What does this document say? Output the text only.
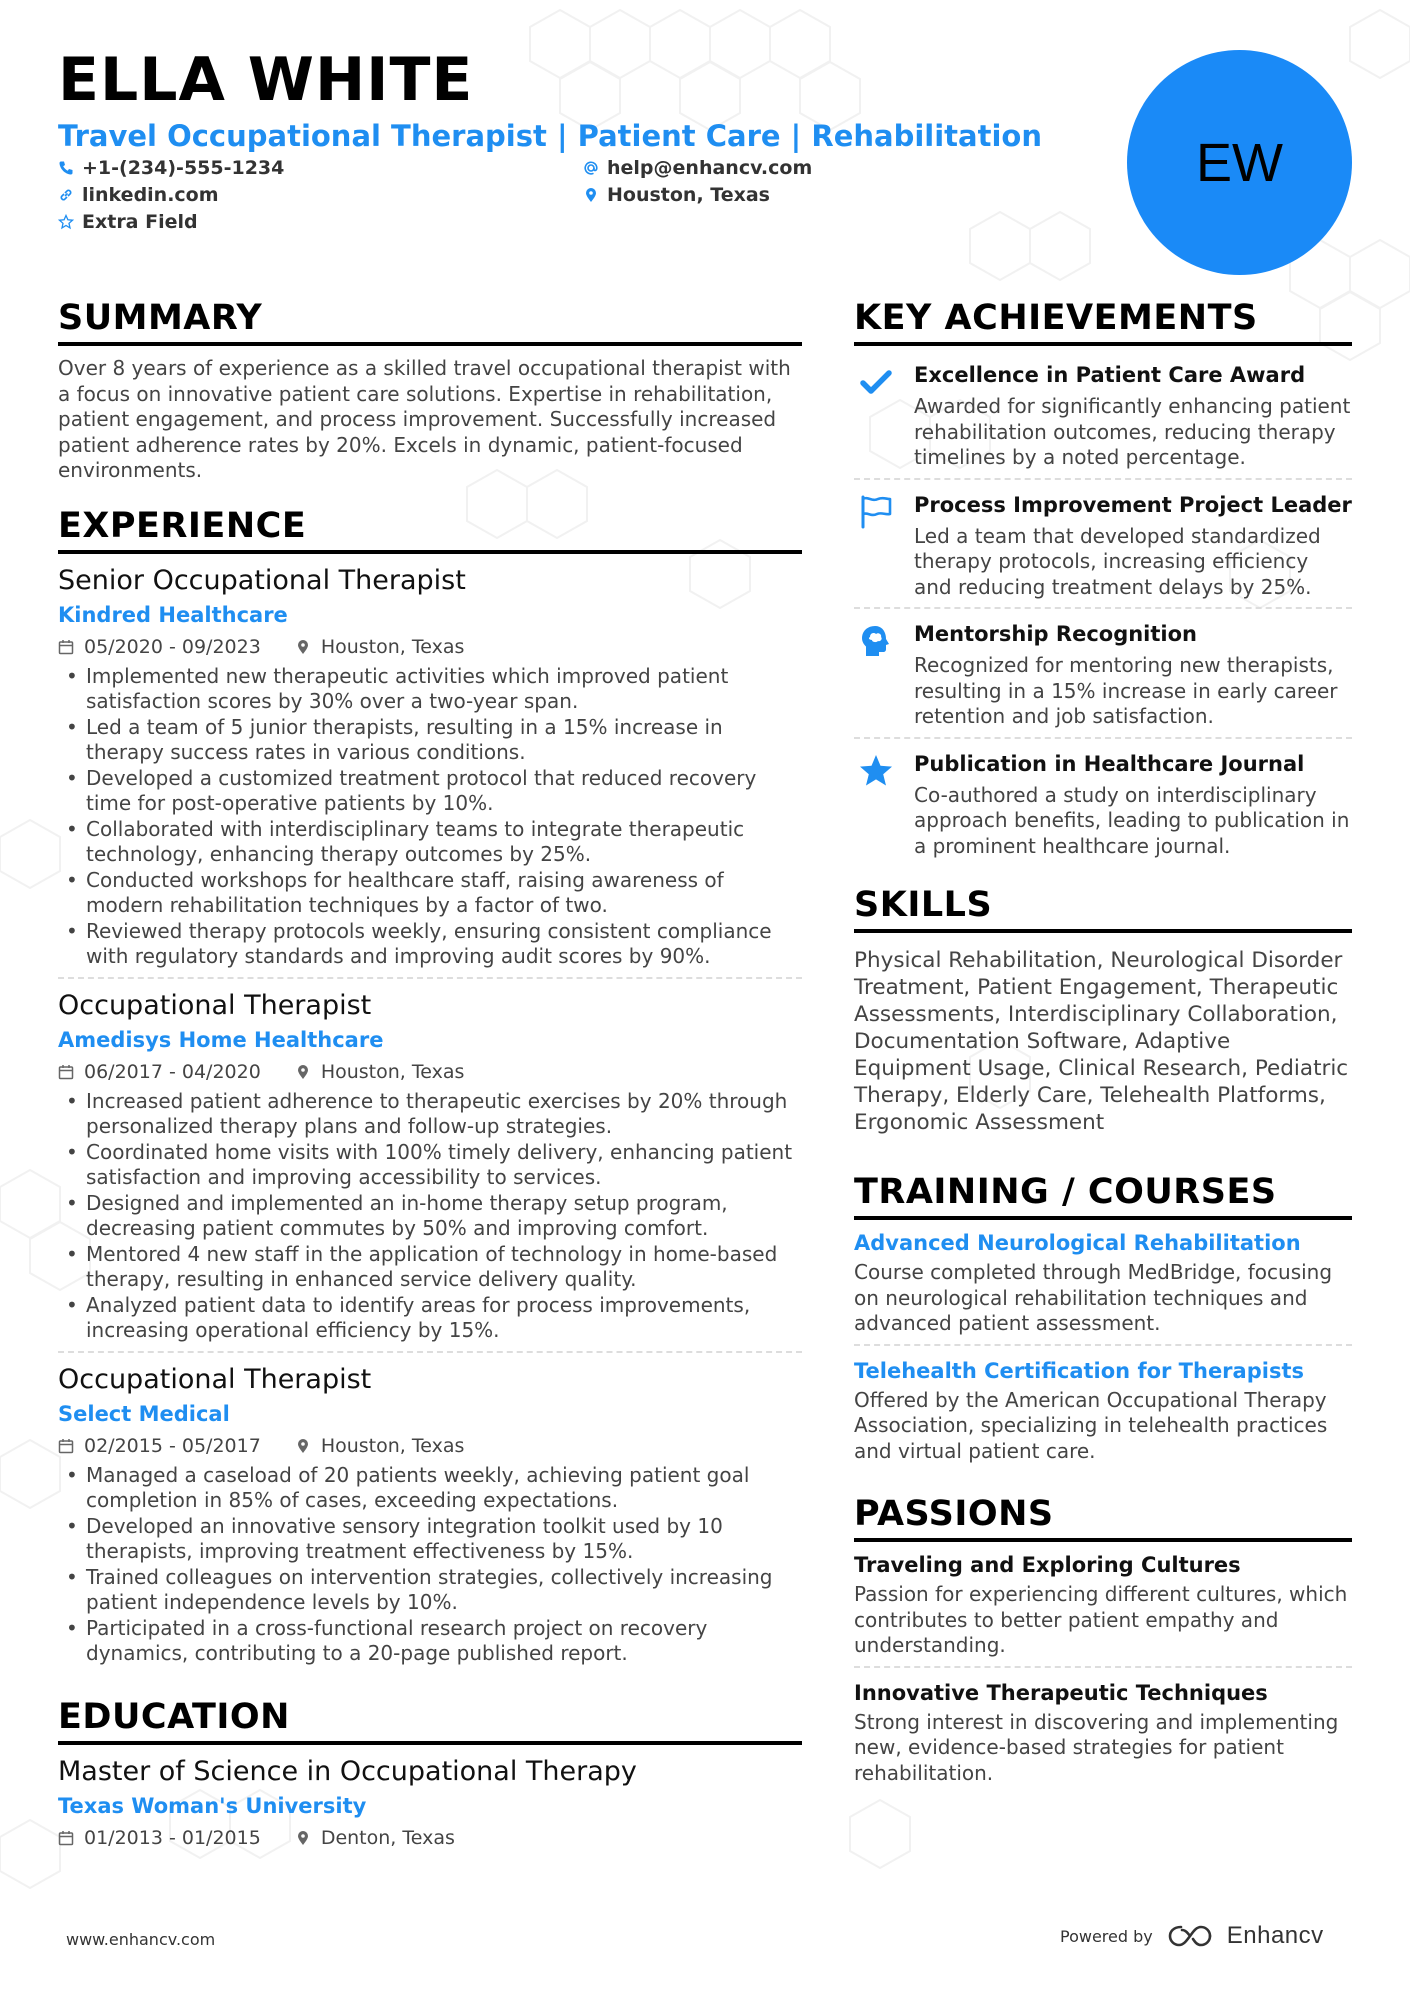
ELLA WHITE
Travel Occupational Therapist | Patient Care | Rehabilitation
+1-(234)-555-1234	help@enhancv.com
linkedin.com	Houston, Texas
Extra Field
EW
SUMMARY
Over 8 years of experience as a skilled travel occupational therapist with a focus on innovative patient care solutions. Expertise in rehabilitation, patient engagement, and process improvement. Successfully increased patient adherence rates by 20%. Excels in dynamic, patient-focused environments.
EXPERIENCE
Senior Occupational Therapist
Kindred Healthcare
05/2020 - 09/2023	Houston, Texas
• Implemented new therapeutic activities which improved patient satisfaction scores by 30% over a two-year span.
• Led a team of 5 junior therapists, resulting in a 15% increase in therapy success rates in various conditions.
• Developed a customized treatment protocol that reduced recovery time for post-operative patients by 10%.
• Collaborated with interdisciplinary teams to integrate therapeutic technology, enhancing therapy outcomes by 25%.
• Conducted workshops for healthcare staff, raising awareness of modern rehabilitation techniques by a factor of two.
• Reviewed therapy protocols weekly, ensuring consistent compliance with regulatory standards and improving audit scores by 90%.
Occupational Therapist
Amedisys Home Healthcare
06/2017 - 04/2020	Houston, Texas
• Increased patient adherence to therapeutic exercises by 20% through personalized therapy plans and follow-up strategies.
• Coordinated home visits with 100% timely delivery, enhancing patient satisfaction and improving accessibility to services.
• Designed and implemented an in-home therapy setup program, decreasing patient commutes by 50% and improving comfort.
• Mentored 4 new staff in the application of technology in home-based therapy, resulting in enhanced service delivery quality.
• Analyzed patient data to identify areas for process improvements, increasing operational efficiency by 15%.
Occupational Therapist
Select Medical
02/2015 - 05/2017	Houston, Texas
• Managed a caseload of 20 patients weekly, achieving patient goal completion in 85% of cases, exceeding expectations.
• Developed an innovative sensory integration toolkit used by 10 therapists, improving treatment effectiveness by 15%.
• Trained colleagues on intervention strategies, collectively increasing patient independence levels by 10%.
• Participated in a cross-functional research project on recovery dynamics, contributing to a 20-page published report.
EDUCATION
Master of Science in Occupational Therapy
Texas Woman's University
01/2013 - 01/2015	Denton, Texas
KEY ACHIEVEMENTS
Excellence in Patient Care Award
Awarded for significantly enhancing patient rehabilitation outcomes, reducing therapy timelines by a noted percentage.
Process Improvement Project Leader
Led a team that developed standardized therapy protocols, increasing efficiency and reducing treatment delays by 25%.
Mentorship Recognition
Recognized for mentoring new therapists, resulting in a 15% increase in early career retention and job satisfaction.
Publication in Healthcare Journal
Co-authored a study on interdisciplinary approach benefits, leading to publication in a prominent healthcare journal.
SKILLS
Physical Rehabilitation, Neurological Disorder Treatment, Patient Engagement, Therapeutic Assessments, Interdisciplinary Collaboration, Documentation Software, Adaptive Equipment Usage, Clinical Research, Pediatric Therapy, Elderly Care, Telehealth Platforms, Ergonomic Assessment
TRAINING / COURSES
Advanced Neurological Rehabilitation
Course completed through MedBridge, focusing on neurological rehabilitation techniques and advanced patient assessment.
Telehealth Certification for Therapists
Offered by the American Occupational Therapy Association, specializing in telehealth practices and virtual patient care.
PASSIONS
Traveling and Exploring Cultures
Passion for experiencing different cultures, which contributes to better patient empathy and understanding.
Innovative Therapeutic Techniques
Strong interest in discovering and implementing new, evidence-based strategies for patient rehabilitation.
www.enhancv.com	Powered by	Enhancv
